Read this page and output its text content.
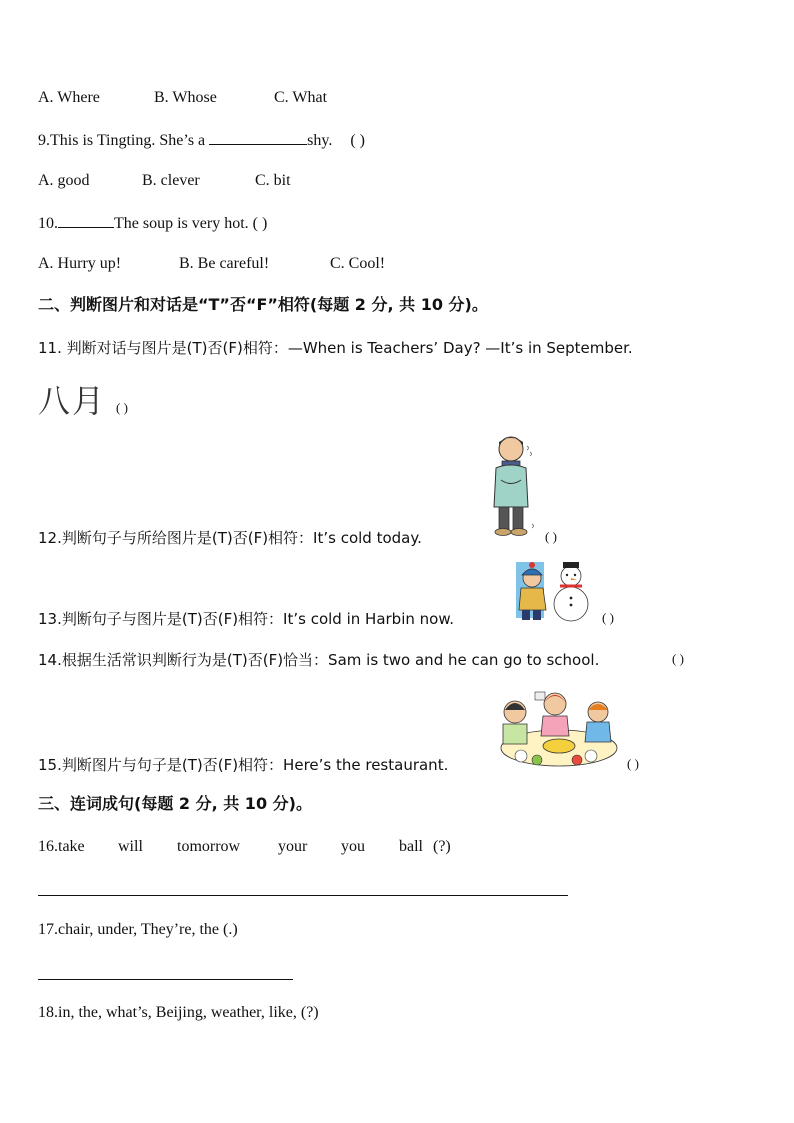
A. Where	B. Whose	C. What
9.This is Tingting. She’s a	shy. ( )
A. good	B. clever	C. bit
10.	The soup is very hot. ( )
A. Hurry up!	B. Be careful!	C. Cool!
二、判断图片和对话是“T”否“F”相符(每题 2 分, 共 10 分)。
11. 判断对话与图片是(T)否(F)相符：—When is Teachers’ Day? —It’s in September.
八月 ( )
12.判断句子与所给图片是(T)否(F)相符：It’s cold today.	( )
13.判断句子与图片是(T)否(F)相符：It’s cold in Harbin now.	( )
14.根据生活常识判断行为是(T)否(F)恰当：Sam is two and he can go to school.	( )
15.判断图片与句子是(T)否(F)相符：Here’s the restaurant.	( )
三、连词成句(每题 2 分, 共 10 分)。
16.take will tomorrow your you ball (?)
17.chair, under, They’re, the (.)
18.in, the, what’s, Beijing, weather, like, (?)
